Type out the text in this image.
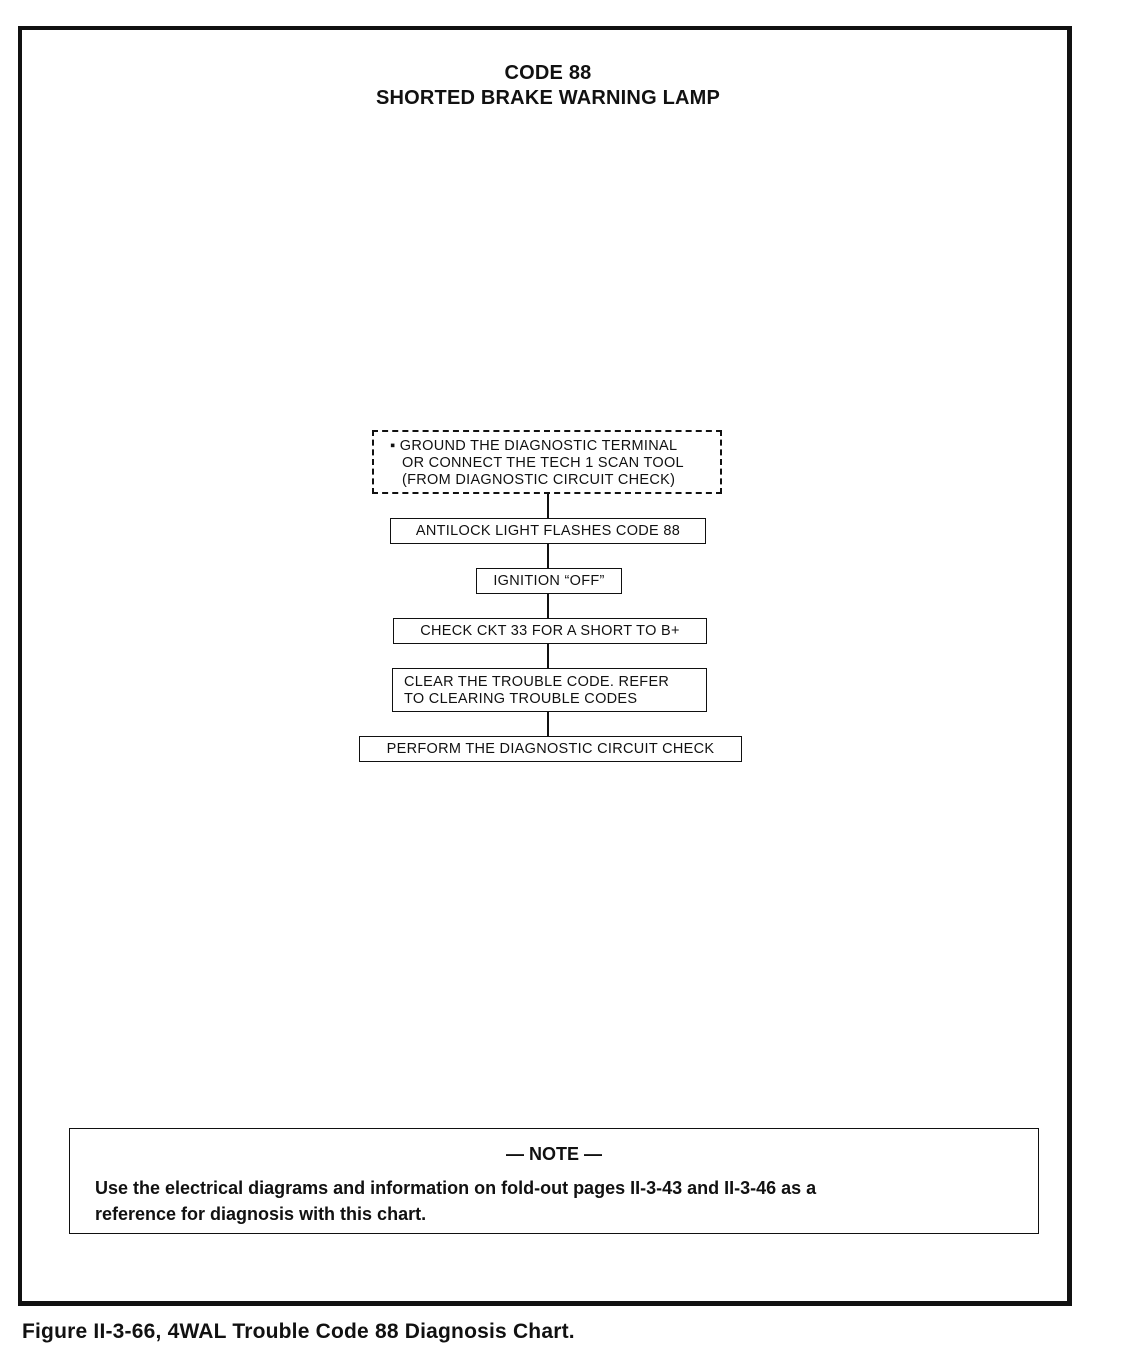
CODE 88
SHORTED BRAKE WARNING LAMP
▪ GROUND THE DIAGNOSTIC TERMINAL
OR CONNECT THE TECH 1 SCAN TOOL
(FROM DIAGNOSTIC CIRCUIT CHECK)
ANTILOCK LIGHT FLASHES CODE 88
IGNITION “OFF”
CHECK CKT 33 FOR A SHORT TO B+
CLEAR THE TROUBLE CODE. REFER
TO CLEARING TROUBLE CODES
PERFORM THE DIAGNOSTIC CIRCUIT CHECK
— NOTE —
Use the electrical diagrams and information on fold-out pages II-3-43 and II-3-46 as a
reference for diagnosis with this chart.
Figure II-3-66, 4WAL Trouble Code 88 Diagnosis Chart.
